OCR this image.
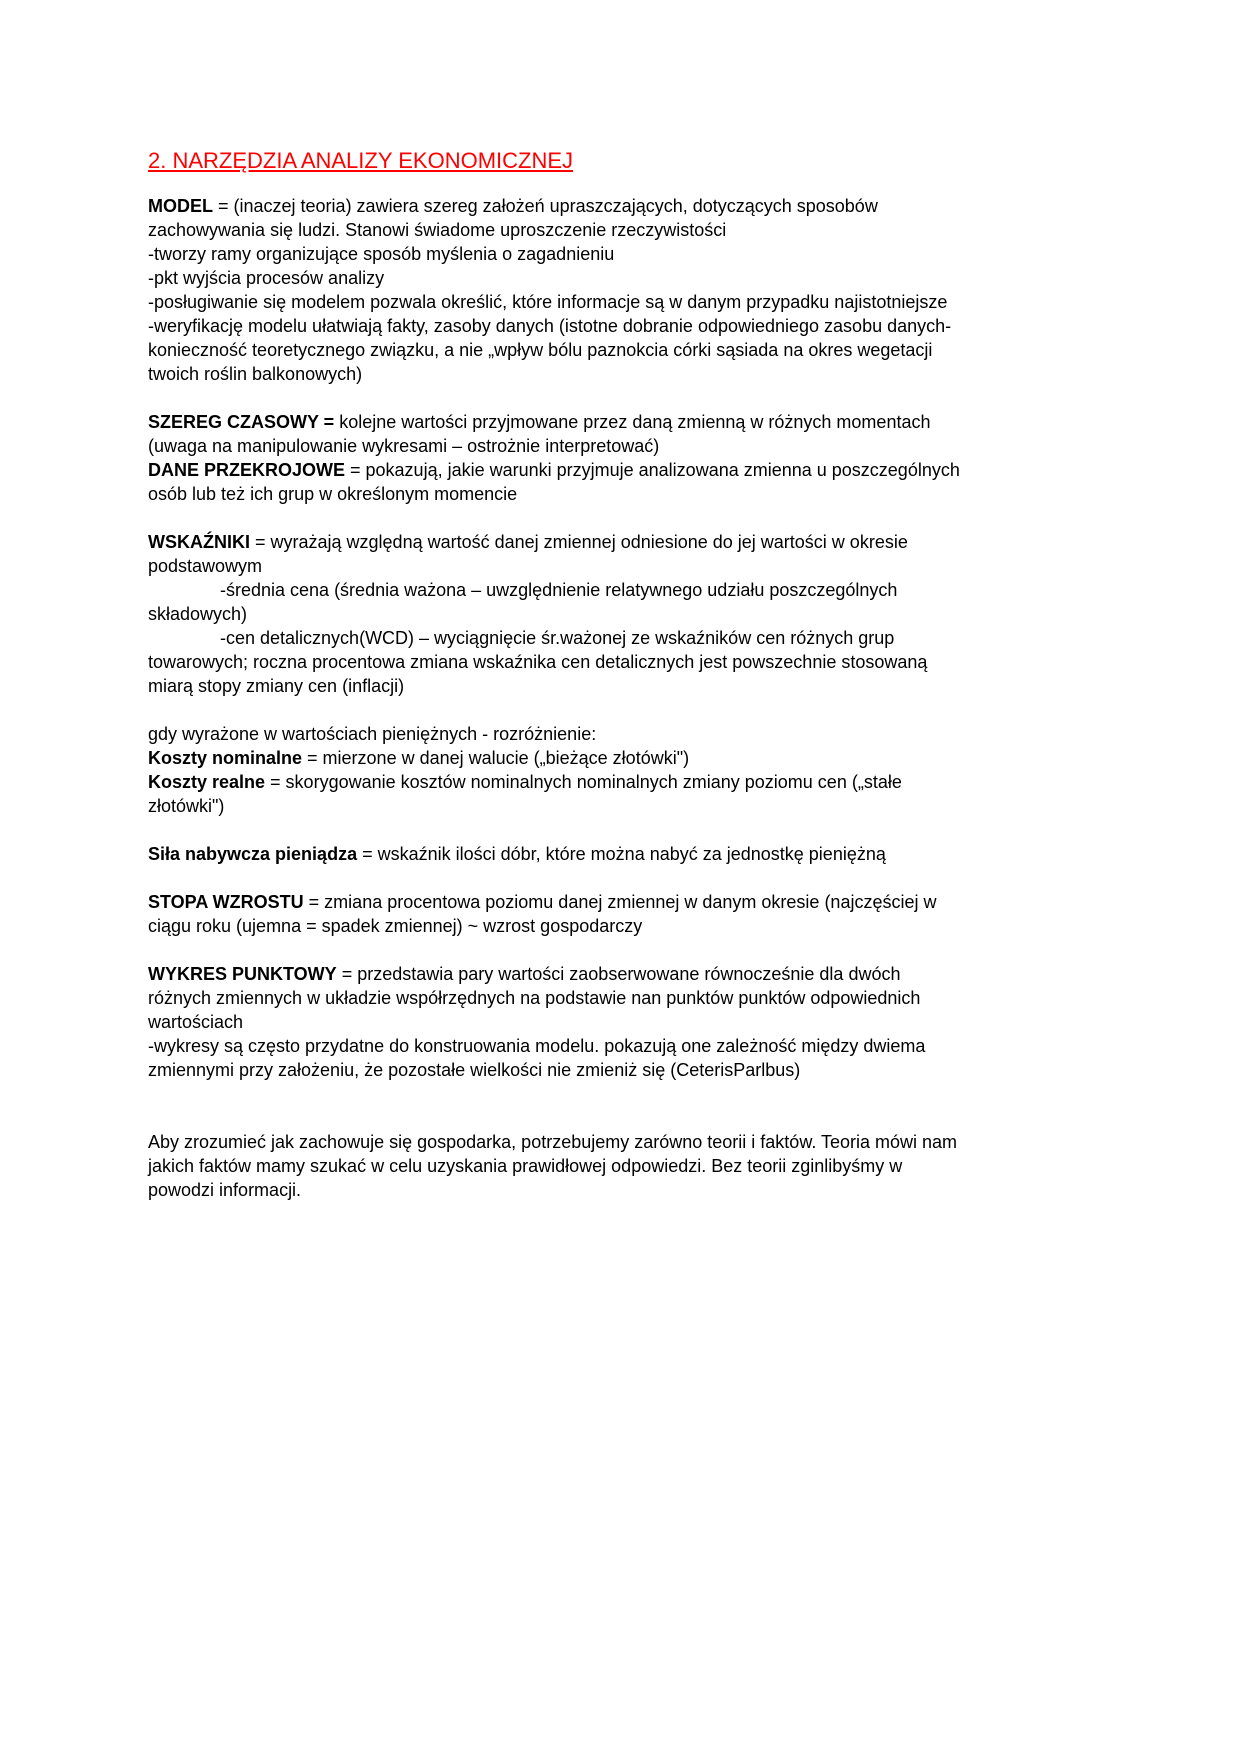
2. NARZĘDZIA ANALIZY EKONOMICZNEJ
MODEL = (inaczej teoria) zawiera szereg założeń upraszczających, dotyczących sposobów
zachowywania się ludzi. Stanowi świadome uproszczenie rzeczywistości
-tworzy ramy organizujące sposób myślenia o zagadnieniu
-pkt wyjścia procesów analizy
-posługiwanie się modelem pozwala określić, które informacje są w danym przypadku najistotniejsze
-weryfikację modelu ułatwiają fakty, zasoby danych (istotne dobranie odpowiedniego zasobu danych-
konieczność teoretycznego związku, a nie „wpływ bólu paznokcia córki sąsiada na okres wegetacji
twoich roślin balkonowych)
SZEREG CZASOWY = kolejne wartości przyjmowane przez daną zmienną w różnych momentach
(uwaga na manipulowanie wykresami – ostrożnie interpretować)
DANE PRZEKROJOWE = pokazują, jakie warunki przyjmuje analizowana zmienna u poszczególnych
osób lub też ich grup w określonym momencie
WSKAŹNIKI = wyrażają względną wartość danej zmiennej odniesione do jej wartości w okresie
podstawowym
-średnia cena (średnia ważona – uwzględnienie relatywnego udziału poszczególnych
składowych)
-cen detalicznych(WCD) – wyciągnięcie śr.ważonej ze wskaźników cen różnych grup
towarowych; roczna procentowa zmiana wskaźnika cen detalicznych jest powszechnie stosowaną
miarą stopy zmiany cen (inflacji)
gdy wyrażone w wartościach pieniężnych - rozróżnienie:
Koszty nominalne = mierzone w danej walucie („bieżące złotówki")
Koszty realne = skorygowanie kosztów nominalnych nominalnych zmiany poziomu cen („stałe
złotówki")
Siła nabywcza pieniądza = wskaźnik ilości dóbr, które można nabyć za jednostkę pieniężną
STOPA WZROSTU = zmiana procentowa poziomu danej zmiennej w danym okresie (najczęściej w
ciągu roku (ujemna = spadek zmiennej) ~ wzrost gospodarczy
WYKRES PUNKTOWY = przedstawia pary wartości zaobserwowane równocześnie dla dwóch
różnych zmiennych w układzie współrzędnych na podstawie nan punktów punktów odpowiednich
wartościach
-wykresy są często przydatne do konstruowania modelu. pokazują one zależność między dwiema
zmiennymi przy założeniu, że pozostałe wielkości nie zmieniż się (CeterisParlbus)
Aby zrozumieć jak zachowuje się gospodarka, potrzebujemy zarówno teorii i faktów. Teoria mówi nam
jakich faktów mamy szukać w celu uzyskania prawidłowej odpowiedzi. Bez teorii zginlibyśmy w
powodzi informacji.
